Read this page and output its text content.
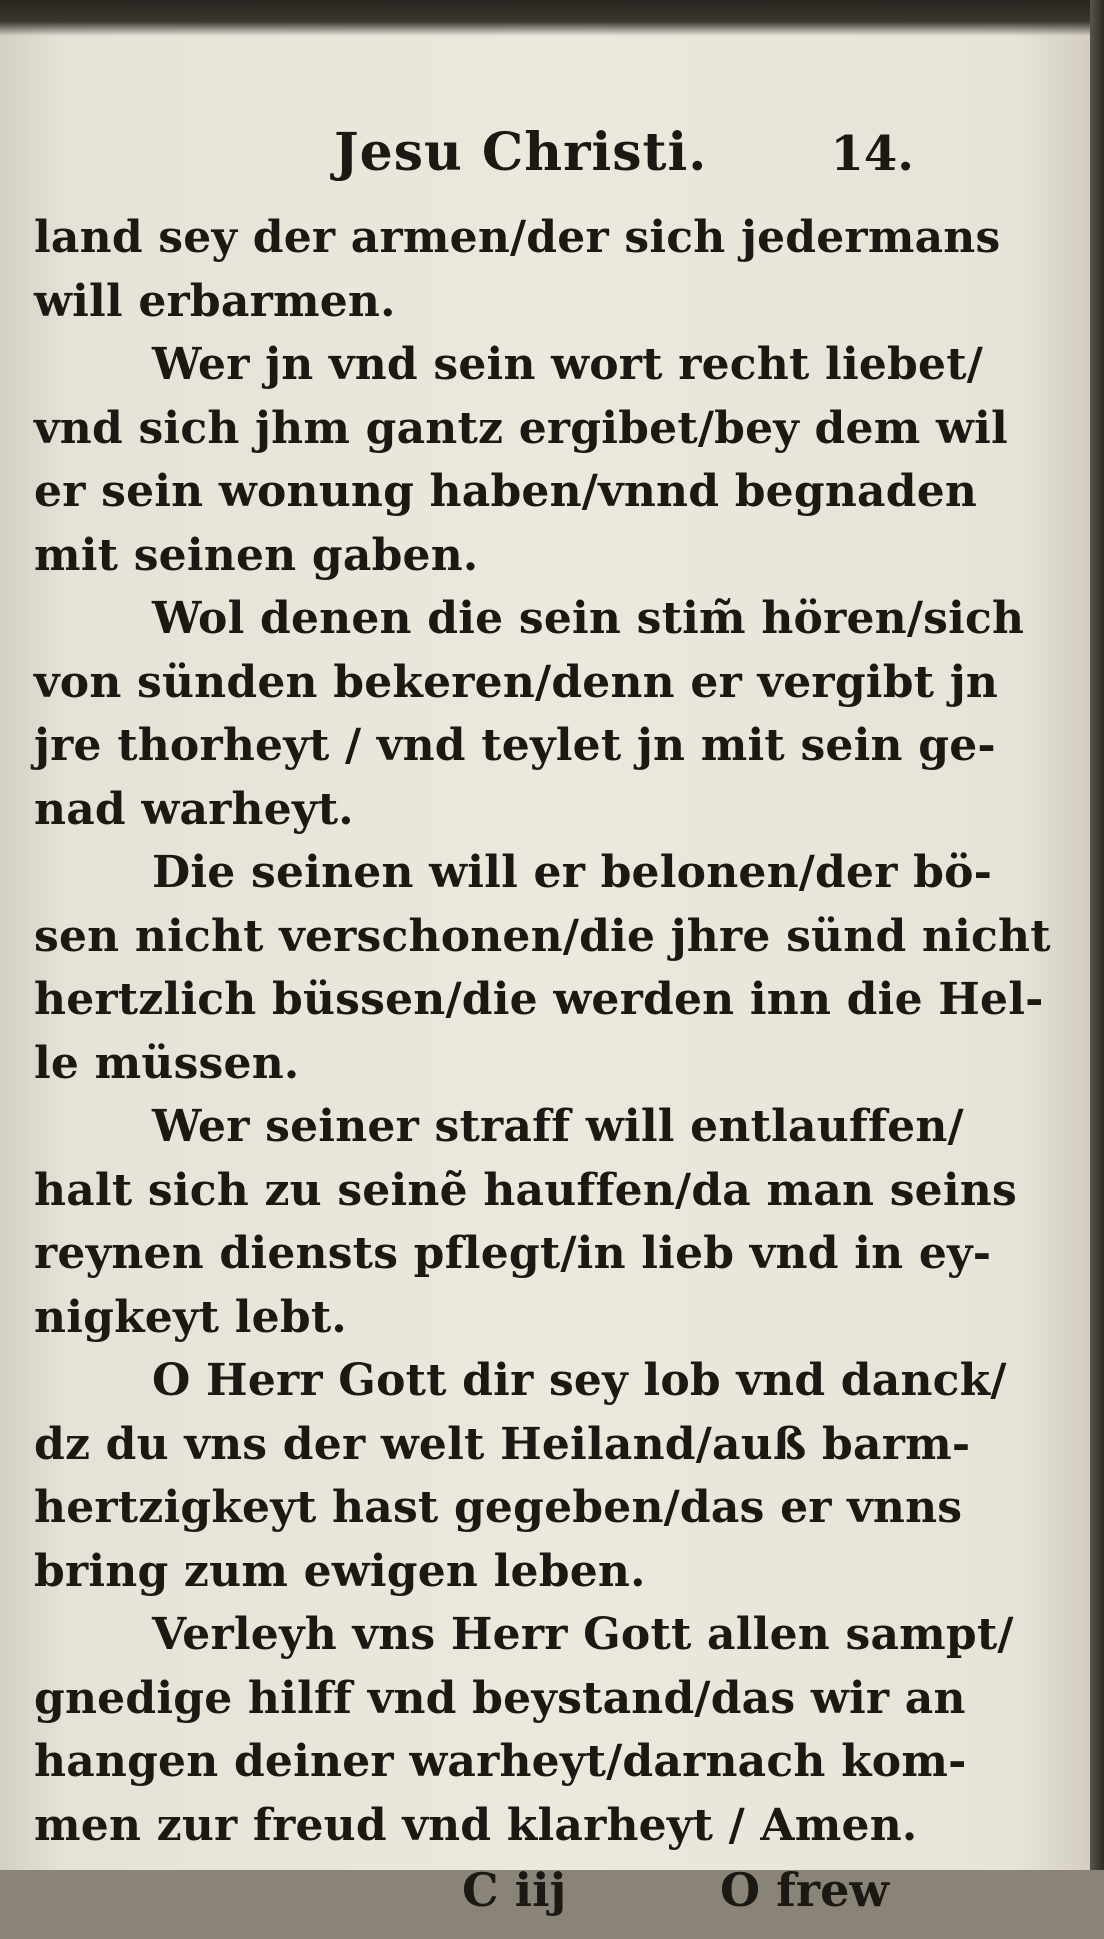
Jesu Christi.	14.
land sey der armen/der sich jedermans
will erbarmen.
Wer jn vnd sein wort recht liebet/
vnd sich jhm gantz ergibet/bey dem wil
er sein wonung haben/vnnd begnaden
mit seinen gaben.
Wol denen die sein stim̃ hören/sich
von sünden bekeren/denn er vergibt jn
jre thorheyt / vnd teylet jn mit sein ge-
nad warheyt.
Die seinen will er belonen/der bö-
sen nicht verschonen/die jhre sünd nicht
hertzlich büssen/die werden inn die Hel-
le müssen.
Wer seiner straff will entlauffen/
halt sich zu seinẽ hauffen/da man seins
reynen diensts pflegt/in lieb vnd in ey-
nigkeyt lebt.
O Herr Gott dir sey lob vnd danck/
dz du vns der welt Heiland/auß barm-
hertzigkeyt hast gegeben/das er vnns
bring zum ewigen leben.
Verleyh vns Herr Gott allen sampt/
gnedige hilff vnd beystand/das wir an
hangen deiner warheyt/darnach kom-
men zur freud vnd klarheyt / Amen.
C iij	O frew
